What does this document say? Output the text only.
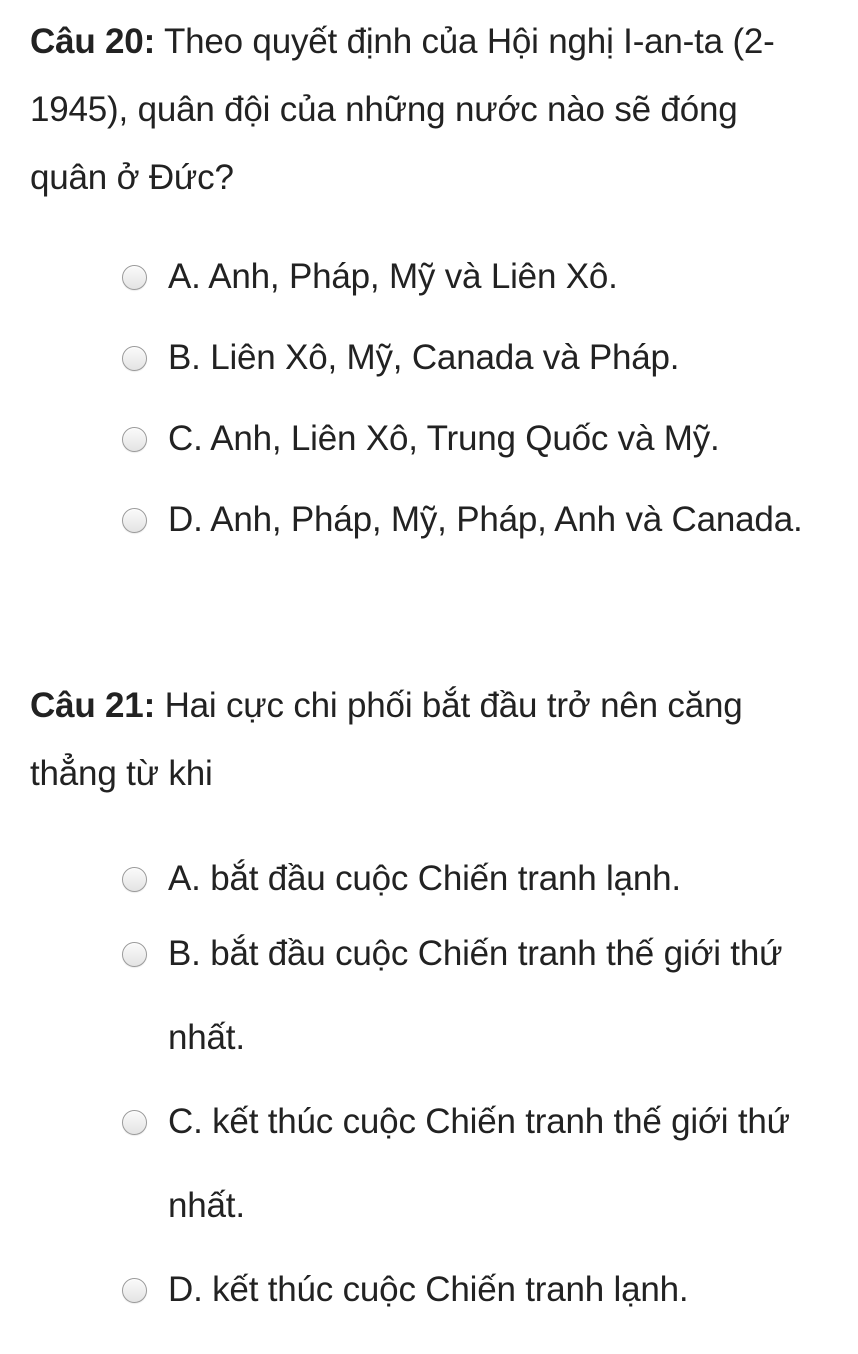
Câu 20: Theo quyết định của Hội nghị I-an-ta (2-1945), quân đội của những nước nào sẽ đóng quân ở Đức?

A. Anh, Pháp, Mỹ và Liên Xô.
B. Liên Xô, Mỹ, Canada và Pháp.
C. Anh, Liên Xô, Trung Quốc và Mỹ.
D. Anh, Pháp, Mỹ, Pháp, Anh và Canada.

Câu 21: Hai cực chi phối bắt đầu trở nên căng thẳng từ khi

A. bắt đầu cuộc Chiến tranh lạnh.
B. bắt đầu cuộc Chiến tranh thế giới thứ nhất.
C. kết thúc cuộc Chiến tranh thế giới thứ nhất.
D. kết thúc cuộc Chiến tranh lạnh.
